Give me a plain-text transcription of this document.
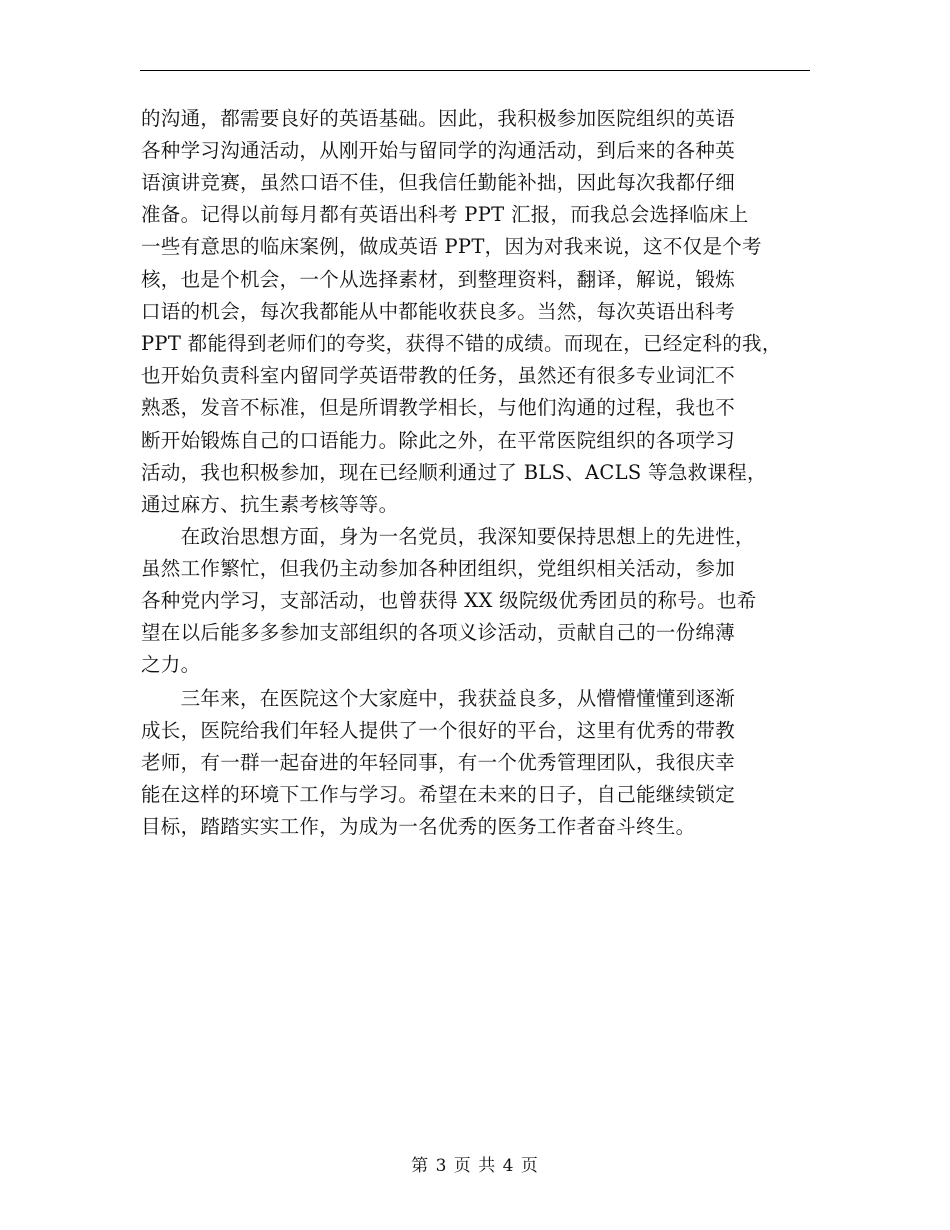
的沟通，都需要良好的英语基础。因此，我积极参加医院组织的英语
各种学习沟通活动，从刚开始与留同学的沟通活动，到后来的各种英
语演讲竞赛，虽然口语不佳，但我信任勤能补拙，因此每次我都仔细
准备。记得以前每月都有英语出科考 PPT 汇报，而我总会选择临床上
一些有意思的临床案例，做成英语 PPT，因为对我来说，这不仅是个考
核，也是个机会，一个从选择素材，到整理资料，翻译，解说，锻炼
口语的机会，每次我都能从中都能收获良多。当然，每次英语出科考
PPT 都能得到老师们的夸奖，获得不错的成绩。而现在，已经定科的我，
也开始负责科室内留同学英语带教的任务，虽然还有很多专业词汇不
熟悉，发音不标准，但是所谓教学相长，与他们沟通的过程，我也不
断开始锻炼自己的口语能力。除此之外，在平常医院组织的各项学习
活动，我也积极参加，现在已经顺利通过了 BLS、ACLS 等急救课程，
通过麻方、抗生素考核等等。
　　在政治思想方面，身为一名党员，我深知要保持思想上的先进性，
虽然工作繁忙，但我仍主动参加各种团组织，党组织相关活动，参加
各种党内学习，支部活动，也曾获得 XX 级院级优秀团员的称号。也希
望在以后能多多参加支部组织的各项义诊活动，贡献自己的一份绵薄
之力。
　　三年来，在医院这个大家庭中，我获益良多，从懵懵懂懂到逐渐
成长，医院给我们年轻人提供了一个很好的平台，这里有优秀的带教
老师，有一群一起奋进的年轻同事，有一个优秀管理团队，我很庆幸
能在这样的环境下工作与学习。希望在未来的日子，自己能继续锁定
目标，踏踏实实工作，为成为一名优秀的医务工作者奋斗终生。
第 3 页 共 4 页
